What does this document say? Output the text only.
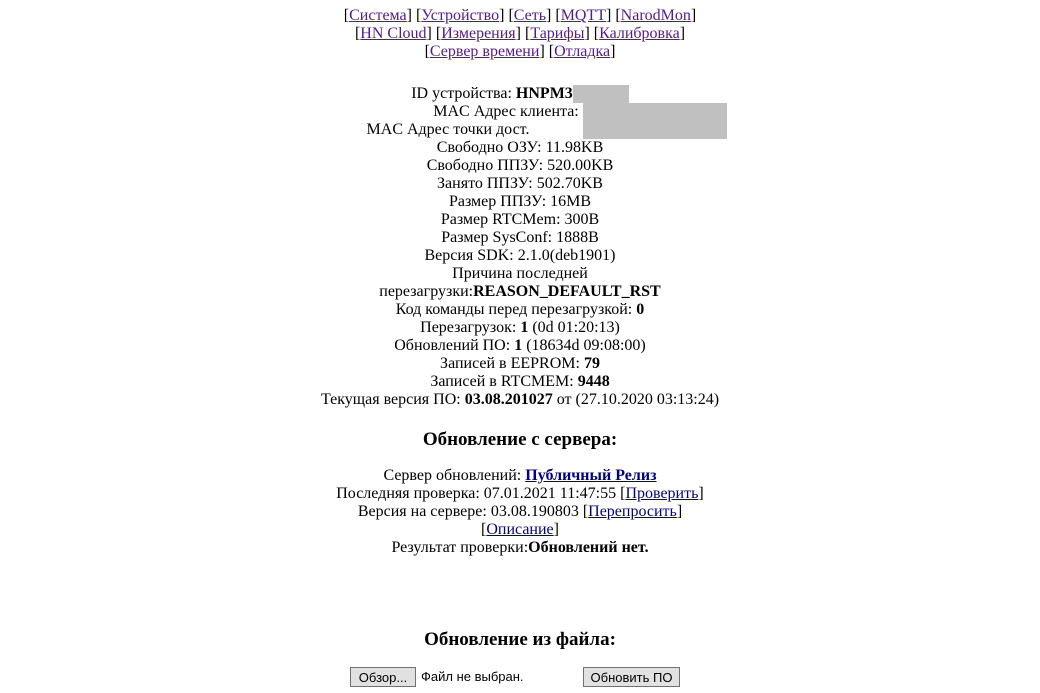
[Система] [Устройство] [Сеть] [MQTT] [NarodMon]
[HN Cloud] [Измерения] [Тарифы] [Калибровка]
[Сервер времени] [Отладка]
ID устройства: HNPM3
MAC Адрес клиента:
MAC Адрес точки дост.
Свободно ОЗУ: 11.98KB
Свободно ППЗУ: 520.00KB
Занято ППЗУ: 502.70KB
Размер ППЗУ: 16MB
Размер RTCMem: 300B
Размер SysConf: 1888B
Версия SDK: 2.1.0(deb1901)
Причина последней
перезагрузки:REASON_DEFAULT_RST
Код команды перед перезагрузкой: 0
Перезагрузок: 1 (0d 01:20:13)
Обновлений ПО: 1 (18634d 09:08:00)
Записей в EEPROM: 79
Записей в RTCMEM: 9448
Текущая версия ПО: 03.08.201027 от (27.10.2020 03:13:24)
Обновление с сервера:
Сервер обновлений: Публичный Релиз
Последняя проверка: 07.01.2021 11:47:55 [Проверить]
Версия на сервере: 03.08.190803 [Перепросить]
[Описание]
Результат проверки:Обновлений нет.
Обновление из файла:
Обзор...	Файл не выбран.	Обновить ПО
